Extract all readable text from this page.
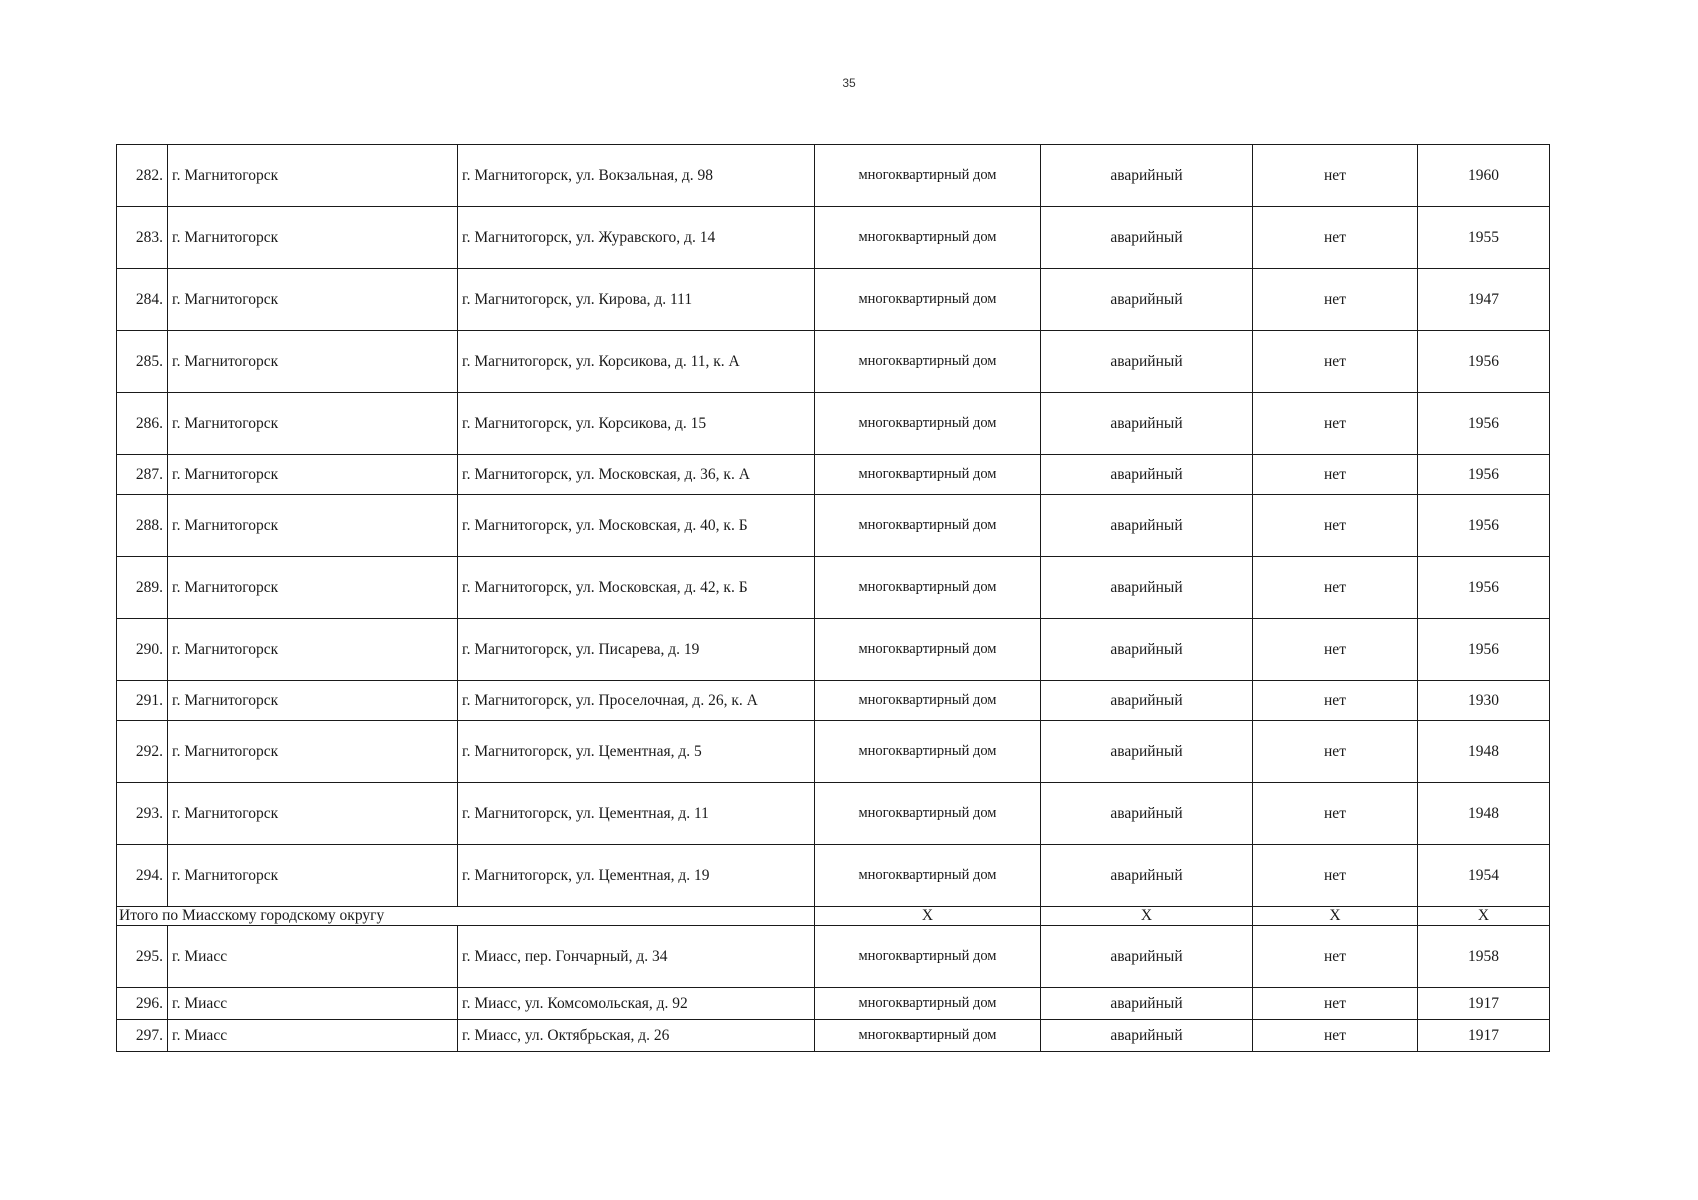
35
282.	г. Магнитогорск	г. Магнитогорск, ул. Вокзальная, д. 98	многоквартирный дом	аварийный	нет	1960
283.	г. Магнитогорск	г. Магнитогорск, ул. Журавского, д. 14	многоквартирный дом	аварийный	нет	1955
284.	г. Магнитогорск	г. Магнитогорск, ул. Кирова, д. 111	многоквартирный дом	аварийный	нет	1947
285.	г. Магнитогорск	г. Магнитогорск, ул. Корсикова, д. 11, к. А	многоквартирный дом	аварийный	нет	1956
286.	г. Магнитогорск	г. Магнитогорск, ул. Корсикова, д. 15	многоквартирный дом	аварийный	нет	1956
287.	г. Магнитогорск	г. Магнитогорск, ул. Московская, д. 36, к. А	многоквартирный дом	аварийный	нет	1956
288.	г. Магнитогорск	г. Магнитогорск, ул. Московская, д. 40, к. Б	многоквартирный дом	аварийный	нет	1956
289.	г. Магнитогорск	г. Магнитогорск, ул. Московская, д. 42, к. Б	многоквартирный дом	аварийный	нет	1956
290.	г. Магнитогорск	г. Магнитогорск, ул. Писарева, д. 19	многоквартирный дом	аварийный	нет	1956
291.	г. Магнитогорск	г. Магнитогорск, ул. Проселочная, д. 26, к. А	многоквартирный дом	аварийный	нет	1930
292.	г. Магнитогорск	г. Магнитогорск, ул. Цементная, д. 5	многоквартирный дом	аварийный	нет	1948
293.	г. Магнитогорск	г. Магнитогорск, ул. Цементная, д. 11	многоквартирный дом	аварийный	нет	1948
294.	г. Магнитогорск	г. Магнитогорск, ул. Цементная, д. 19	многоквартирный дом	аварийный	нет	1954
Итого по Миасскому городскому округу			Х	Х	Х	Х
295.	г. Миасс	г. Миасс, пер. Гончарный, д. 34	многоквартирный дом	аварийный	нет	1958
296.	г. Миасс	г. Миасс, ул. Комсомольская, д. 92	многоквартирный дом	аварийный	нет	1917
297.	г. Миасс	г. Миасс, ул. Октябрьская, д. 26	многоквартирный дом	аварийный	нет	1917
